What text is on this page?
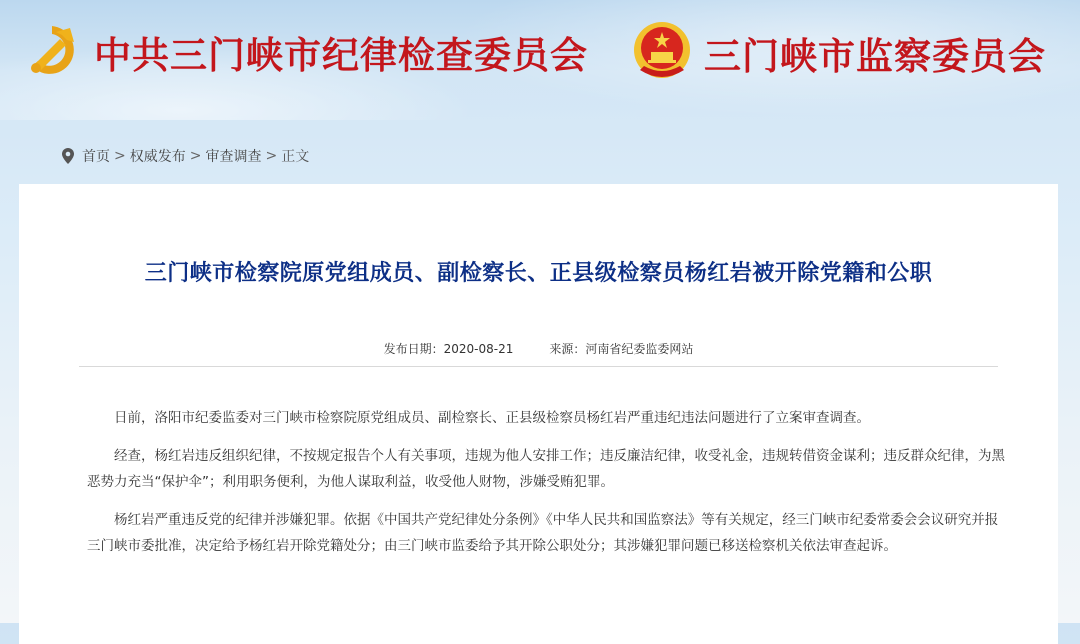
中共三门峡市纪律检查委员会	三门峡市监察委员会
首页 > 权威发布 > 审查调查 > 正文
三门峡市检察院原党组成员、副检察长、正县级检察员杨红岩被开除党籍和公职
发布日期：2020-08-21	来源：河南省纪委监委网站

日前，洛阳市纪委监委对三门峡市检察院原党组成员、副检察长、正县级检察员杨红岩严重违纪违法问题进行了立案审查调查。

经查，杨红岩违反组织纪律，不按规定报告个人有关事项，违规为他人安排工作；违反廉洁纪律，收受礼金，违规转借资金谋利；违反群众纪律，为黑恶势力充当“保护伞”；利用职务便利，为他人谋取利益，收受他人财物，涉嫌受贿犯罪。

杨红岩严重违反党的纪律并涉嫌犯罪。依据《中国共产党纪律处分条例》《中华人民共和国监察法》等有关规定，经三门峡市纪委常委会会议研究并报三门峡市委批准，决定给予杨红岩开除党籍处分；由三门峡市监委给予其开除公职处分；其涉嫌犯罪问题已移送检察机关依法审查起诉。
